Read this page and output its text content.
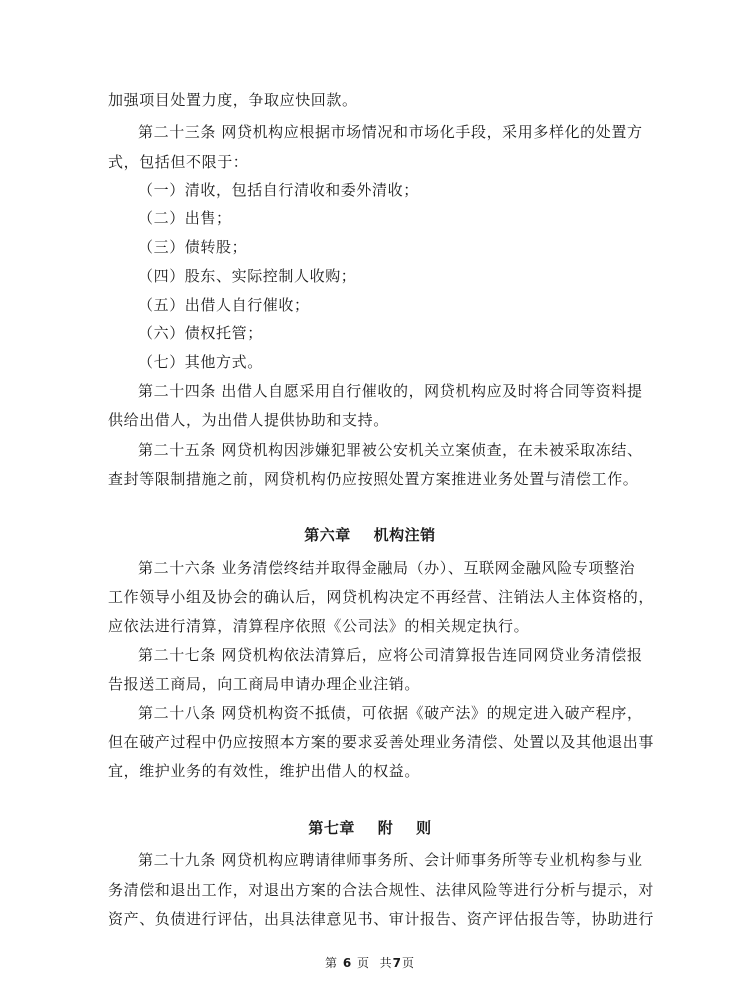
加强项目处置力度，争取应快回款。
第二十三条 网贷机构应根据市场情况和市场化手段，采用多样化的处置方
式，包括但不限于：
（一）清收，包括自行清收和委外清收；
（二）出售；
（三）债转股；
（四）股东、实际控制人收购；
（五）出借人自行催收；
（六）债权托管；
（七）其他方式。
第二十四条 出借人自愿采用自行催收的，网贷机构应及时将合同等资料提
供给出借人，为出借人提供协助和支持。
第二十五条 网贷机构因涉嫌犯罪被公安机关立案侦查，在未被采取冻结、
查封等限制措施之前，网贷机构仍应按照处置方案推进业务处置与清偿工作。
第六章    机构注销
第二十六条 业务清偿终结并取得金融局（办）、互联网金融风险专项整治
工作领导小组及协会的确认后，网贷机构决定不再经营、注销法人主体资格的，
应依法进行清算，清算程序依照《公司法》的相关规定执行。
第二十七条 网贷机构依法清算后，应将公司清算报告连同网贷业务清偿报
告报送工商局，向工商局申请办理企业注销。
第二十八条 网贷机构资不抵债，可依据《破产法》的规定进入破产程序，
但在破产过程中仍应按照本方案的要求妥善处理业务清偿、处置以及其他退出事
宜，维护业务的有效性，维护出借人的权益。
第七章    附    则
第二十九条 网贷机构应聘请律师事务所、会计师事务所等专业机构参与业
务清偿和退出工作，对退出方案的合法合规性、法律风险等进行分析与提示，对
资产、负债进行评估，出具法律意见书、审计报告、资产评估报告等，协助进行
第 6 页  共7页
